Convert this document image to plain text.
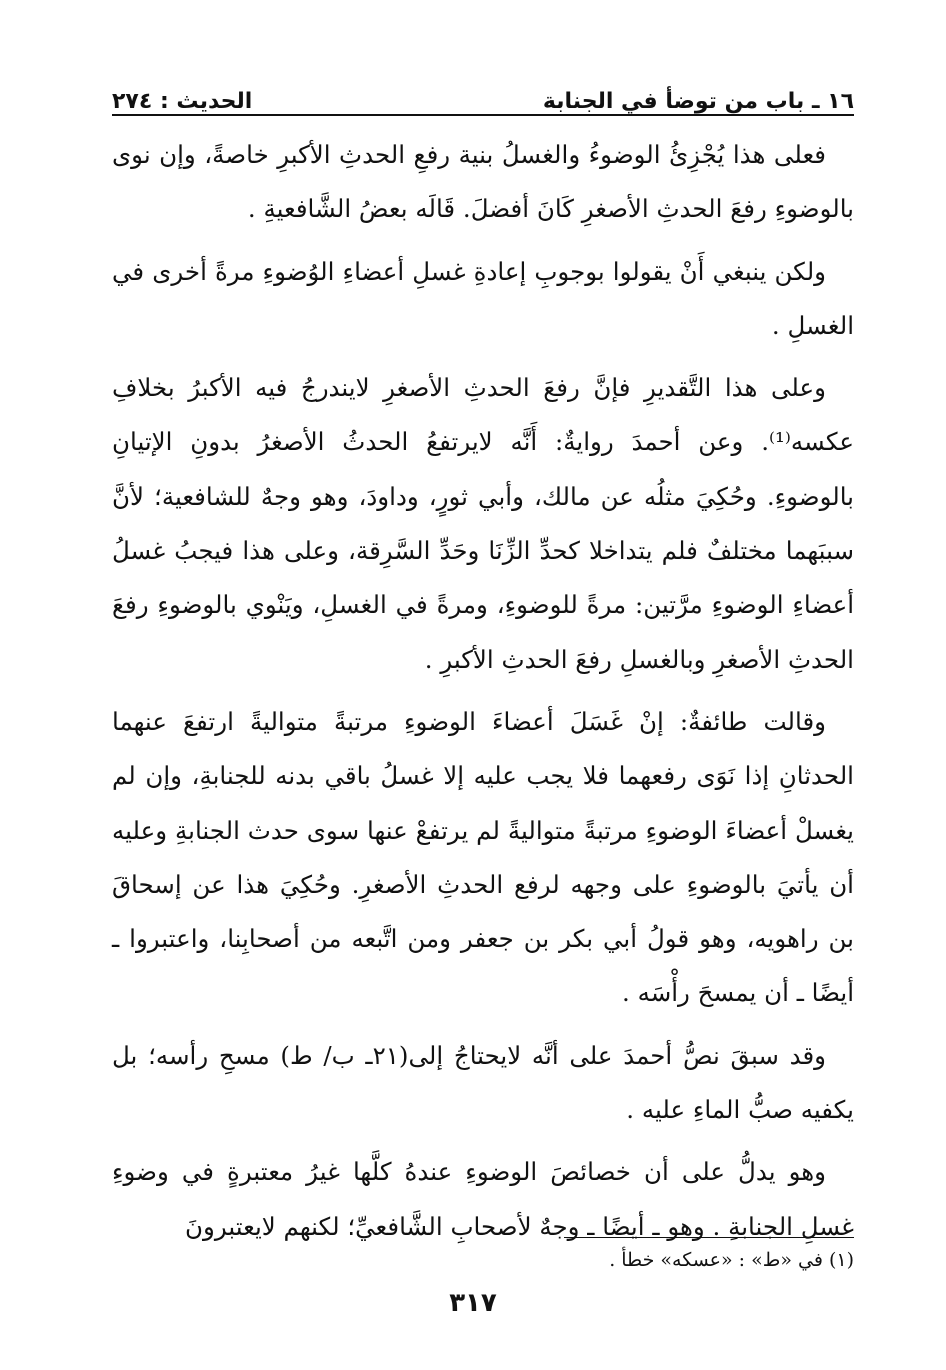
١٦ ـ باب من توضأ في الجنابة
الحديث : ٢٧٤

فعلى هذا يُجْزِئُ الوضوءُ والغسلُ بنية رفعِ الحدثِ الأكبرِ خاصةً، وإن نوى بالوضوءِ رفعَ الحدثِ الأصغرِ كَانَ أفضلَ. قَالَه بعضُ الشَّافعيةِ .

ولكن ينبغي أَنْ يقولوا بوجوبِ إعادةِ غسلِ أعضاءِ الوُضوءِ مرةً أخرى في الغسلِ .

وعلى هذا التَّقديرِ فإنَّ رفعَ الحدثِ الأصغرِ لايندرجُ فيه الأكبرُ بخلافِ عكسه⁽¹⁾. وعن أحمدَ روايةٌ: أَنَّه لايرتفعُ الحدثُ الأصغرُ بدونِ الإتيانِ بالوضوءِ. وحُكِيَ مثلُه عن مالك، وأبي ثورٍ، وداودَ، وهو وجهٌ للشافعية؛ لأنَّ سببَهما مختلفٌ فلم يتداخلا كحدِّ الزِّنَا وحَدِّ السَّرِقة، وعلى هذا فيجبُ غسلُ أعضاءِ الوضوءِ مرَّتين: مرةً للوضوءِ، ومرةً في الغسلِ، ويَنْوي بالوضوءِ رفعَ الحدثِ الأصغرِ وبالغسلِ رفعَ الحدثِ الأكبرِ .

وقالت طائفةٌ: إنْ غَسَلَ أعضاءَ الوضوءِ مرتبةً متواليةً ارتفعَ عنهما الحدثانِ إذا نَوَى رفعهما فلا يجب عليه إلا غسلُ باقي بدنه للجنابةِ، وإن لم يغسلْ أعضاءَ الوضوءِ مرتبةً متواليةً لم يرتفعْ عنها سوى حدث الجنابةِ وعليه أن يأتيَ بالوضوءِ على وجهه لرفع الحدثِ الأصغرِ. وحُكِيَ هذا عن إسحاقَ بن راهويه، وهو قولُ أبي بكر بن جعفر ومن اتَّبعه من أصحابِنا، واعتبروا ـ أيضًا ـ أن يمسحَ رأْسَه .

وقد سبقَ نصُّ أحمدَ على أنَّه لايحتاجُ إلى(٢١ـ ب/ ط) مسحِ رأسه؛ بل يكفيه صبُّ الماءِ عليه .

وهو يدلُّ على أن خصائصَ الوضوءِ عندهُ كلَّها غيرُ معتبرةٍ في وضوءِ غسلِ الجنابةِ . وهو ـ أيضًا ـ وجهٌ لأصحابِ الشَّافعيِّ؛ لكنهم لايعتبرونَ

(١) في «ط» : «عسكه» خطأ .
٣١٧
